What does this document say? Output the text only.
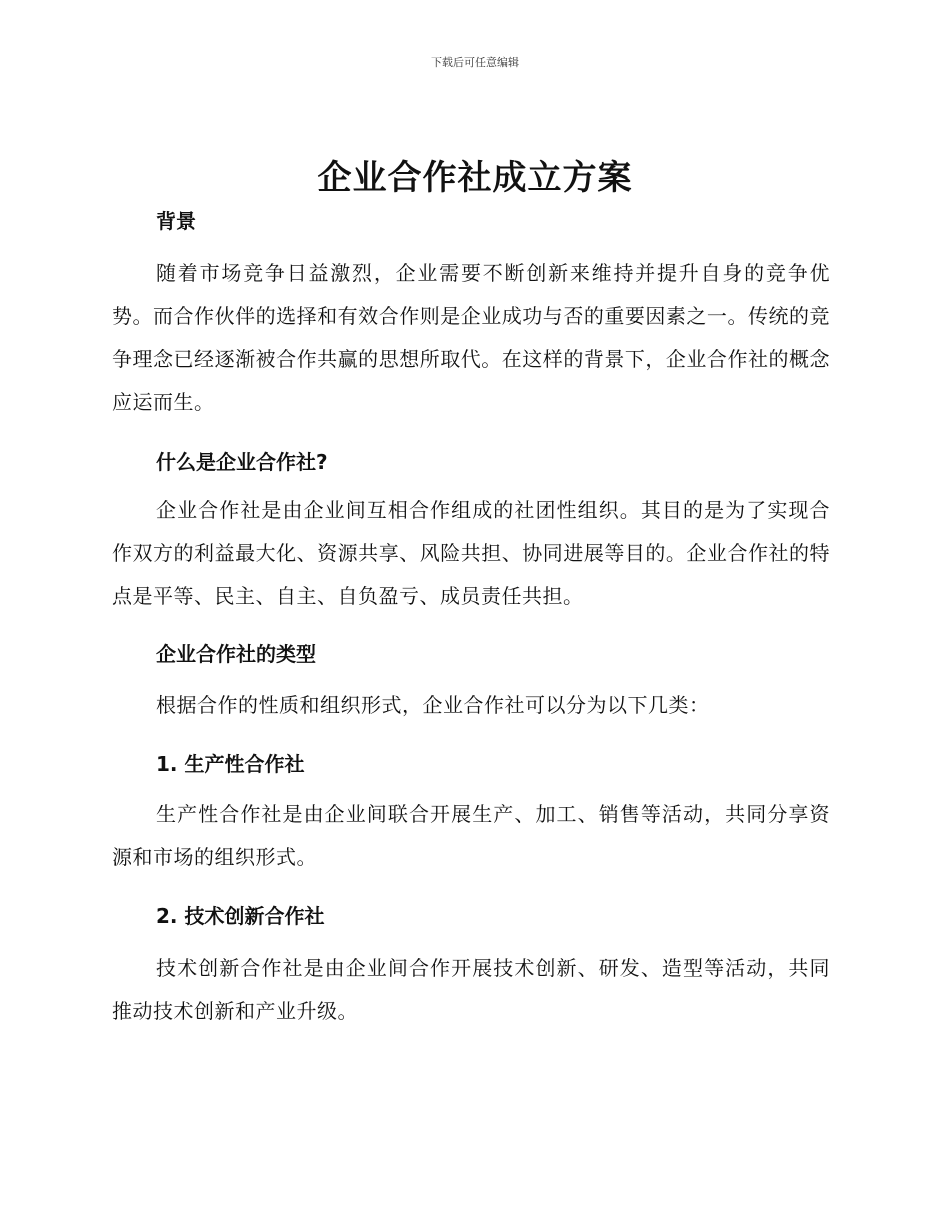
下载后可任意编辑
企业合作社成立方案
背景

随着市场竞争日益激烈，企业需要不断创新来维持并提升自身的竞争优势。而合作伙伴的选择和有效合作则是企业成功与否的重要因素之一。传统的竞争理念已经逐渐被合作共赢的思想所取代。在这样的背景下，企业合作社的概念应运而生。

什么是企业合作社?

企业合作社是由企业间互相合作组成的社团性组织。其目的是为了实现合作双方的利益最大化、资源共享、风险共担、协同进展等目的。企业合作社的特点是平等、民主、自主、自负盈亏、成员责任共担。

企业合作社的类型

根据合作的性质和组织形式，企业合作社可以分为以下几类：

1. 生产性合作社

生产性合作社是由企业间联合开展生产、加工、销售等活动，共同分享资源和市场的组织形式。

2. 技术创新合作社

技术创新合作社是由企业间合作开展技术创新、研发、造型等活动，共同推动技术创新和产业升级。
